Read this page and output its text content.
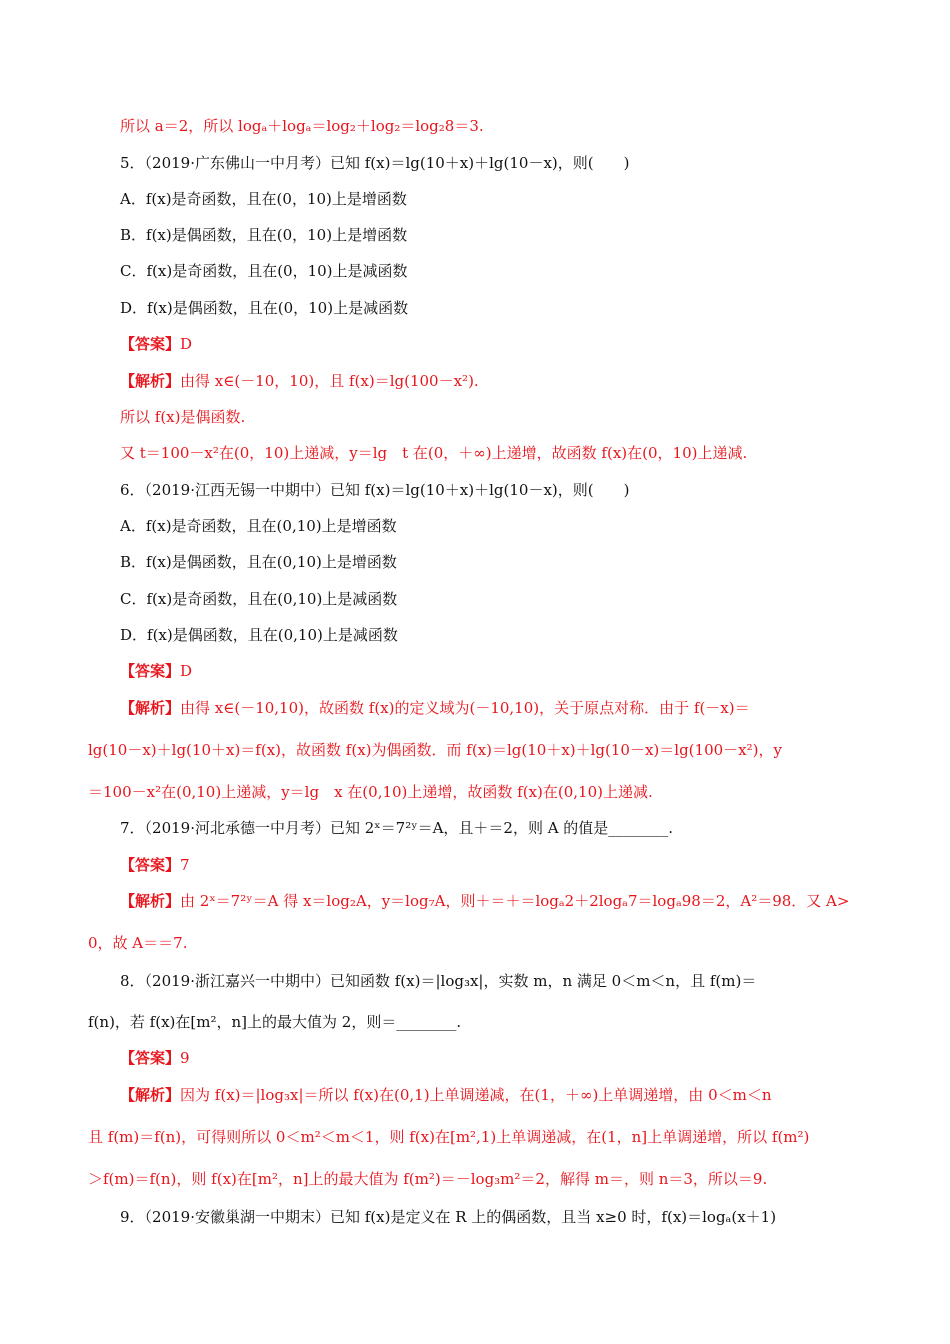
所以 a＝2，所以 logₐ＋logₐ＝log₂＋log₂＝log₂8＝3.
5．（2019·广东佛山一中月考）已知 f(x)＝lg(10＋x)＋lg(10－x)，则(　　)
A．f(x)是奇函数，且在(0，10)上是增函数
B．f(x)是偶函数，且在(0，10)上是增函数
C．f(x)是奇函数，且在(0，10)上是减函数
D．f(x)是偶函数，且在(0，10)上是减函数
【答案】D
【解析】由得 x∈(－10，10)，且 f(x)＝lg(100－x²).
所以 f(x)是偶函数.
又 t＝100－x²在(0，10)上递减，y＝lg　t 在(0，＋∞)上递增，故函数 f(x)在(0，10)上递减.
6．（2019·江西无锡一中期中）已知 f(x)＝lg(10＋x)＋lg(10－x)，则(　　)
A．f(x)是奇函数，且在(0,10)上是增函数
B．f(x)是偶函数，且在(0,10)上是增函数
C．f(x)是奇函数，且在(0,10)上是减函数
D．f(x)是偶函数，且在(0,10)上是减函数
【答案】D
【解析】由得 x∈(－10,10)，故函数 f(x)的定义域为(－10,10)，关于原点对称．由于 f(－x)＝
lg(10－x)＋lg(10＋x)＝f(x)，故函数 f(x)为偶函数．而 f(x)＝lg(10＋x)＋lg(10－x)＝lg(100－x²)，y
＝100－x²在(0,10)上递减，y＝lg　x 在(0,10)上递增，故函数 f(x)在(0,10)上递减.
7．（2019·河北承德一中月考）已知 2ˣ＝7²ʸ＝A，且＋＝2，则 A 的值是________.
【答案】7
【解析】由 2ˣ＝7²ʸ＝A 得 x＝log₂A，y＝log₇A，则＋＝＋＝logₐ2＋2logₐ7＝logₐ98＝2，A²＝98．又 A>
0，故 A＝＝7.
8．（2019·浙江嘉兴一中期中）已知函数 f(x)＝|log₃x|，实数 m，n 满足 0＜m＜n，且 f(m)＝
f(n)，若 f(x)在[m²，n]上的最大值为 2，则＝________.
【答案】9
【解析】因为 f(x)＝|log₃x|＝所以 f(x)在(0,1)上单调递减，在(1，＋∞)上单调递增，由 0＜m＜n
且 f(m)＝f(n)，可得则所以 0＜m²＜m＜1，则 f(x)在[m²,1)上单调递减，在(1，n]上单调递增，所以 f(m²)
＞f(m)＝f(n)，则 f(x)在[m²，n]上的最大值为 f(m²)＝－log₃m²＝2，解得 m＝，则 n＝3，所以＝9.
9．（2019·安徽巢湖一中期末）已知 f(x)是定义在 R 上的偶函数，且当 x≥0 时，f(x)＝logₐ(x＋1)
